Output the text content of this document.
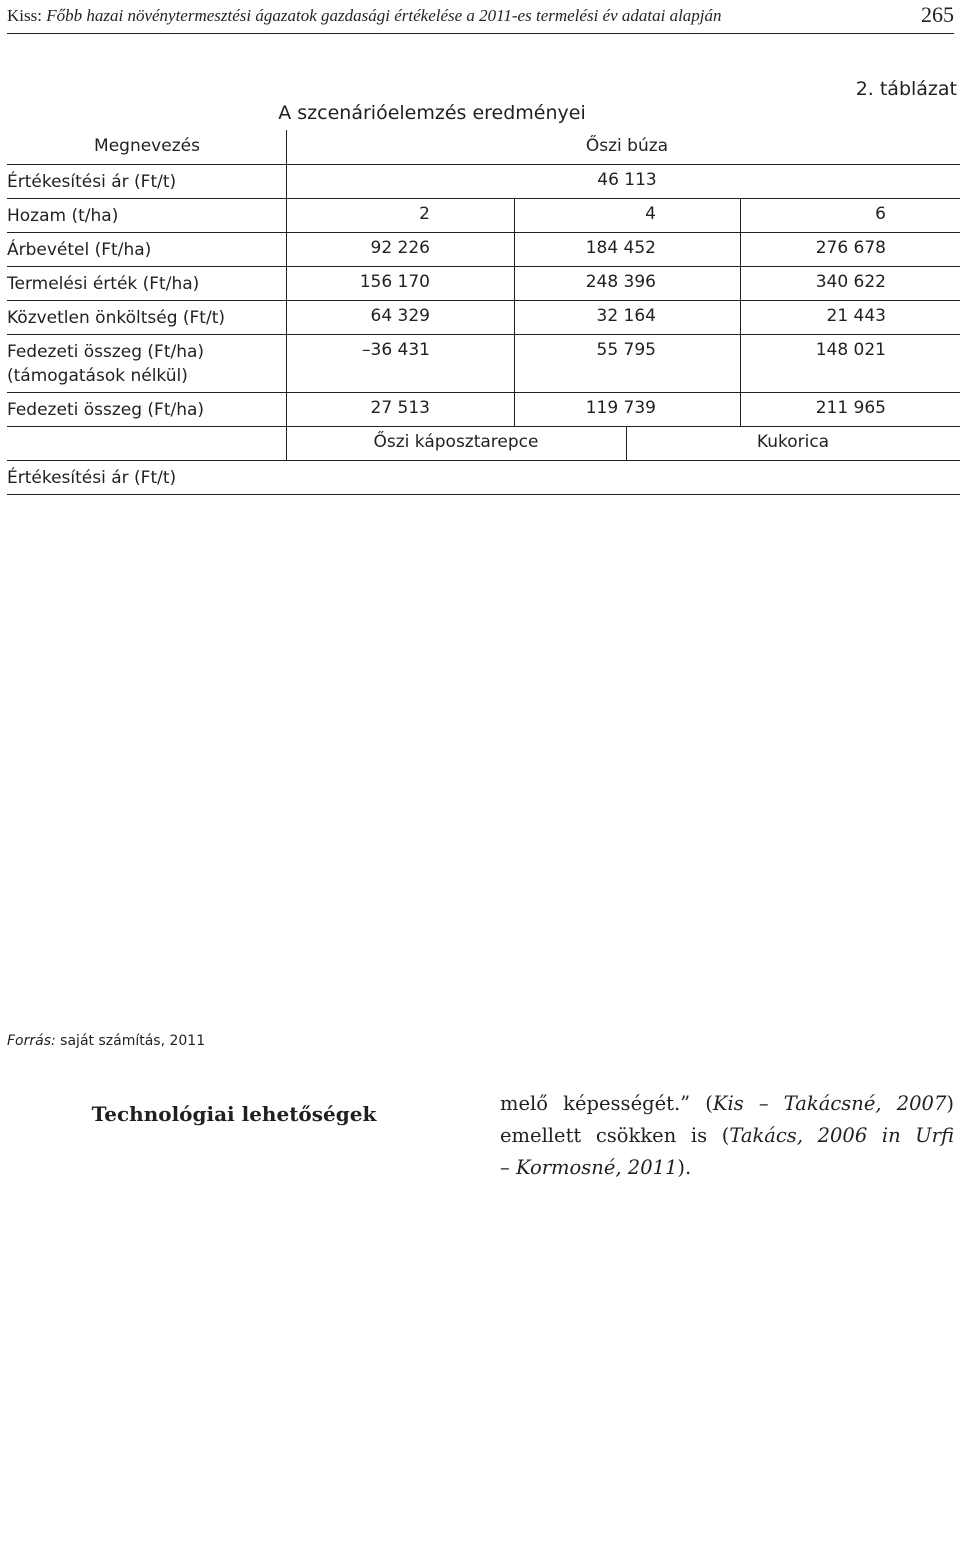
Kiss: Főbb hazai növénytermesztési ágazatok gazdasági értékelése a 2011-es termelési év adatai alapján	265
2. táblázat
A szcenárióelemzés eredményei
Megnevezés	Őszi búza
Értékesítési ár (Ft/t)	46 113
Hozam (t/ha)	2	4	6
Árbevétel (Ft/ha)	92 226	184 452	276 678
Termelési érték (Ft/ha)	156 170	248 396	340 622
Közvetlen önköltség (Ft/t)	64 329	32 164	21 443
Fedezeti összeg (Ft/ha)
(támogatások nélkül)
–36 431	55 795	148 021
Fedezeti összeg (Ft/ha)	27 513	119 739	211 965
Őszi káposztarepce	Kukorica
Értékesítési ár (Ft/t)
Forrás: saját számítás, 2011
Technológiai lehetőségek	melő képességét.” (Kis – Takácsné, 2007)
emellett csökken is (Takács, 2006 in Urfi
– Kormosné, 2011).
